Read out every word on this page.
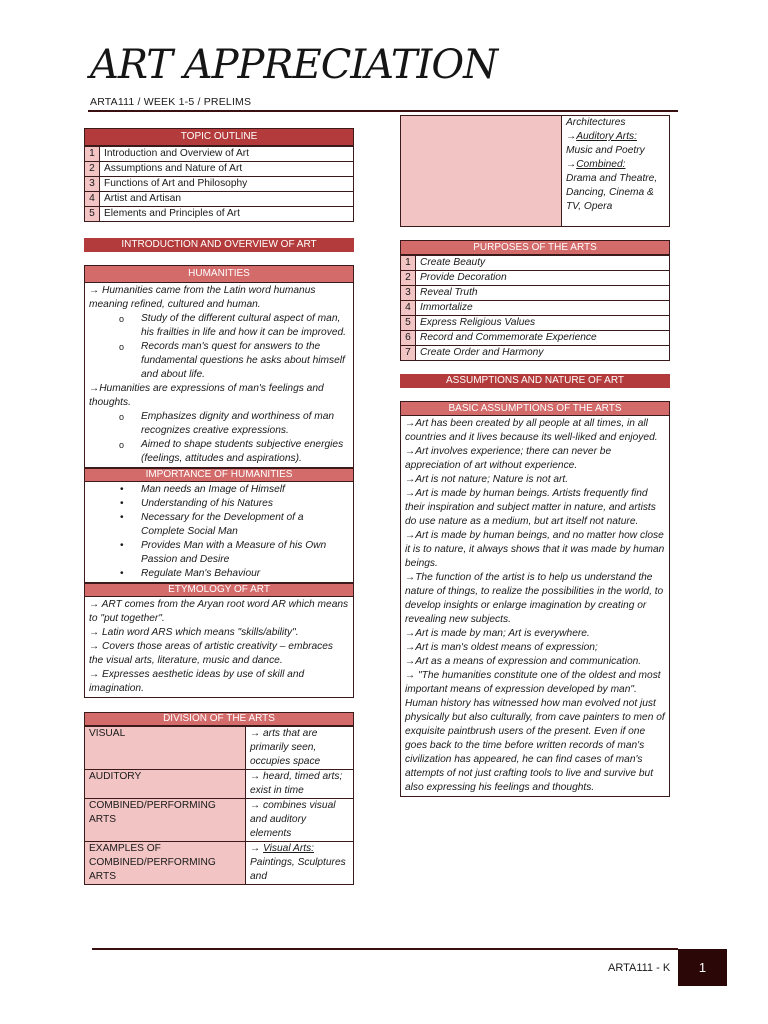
ART APPRECIATION
ARTA111 / WEEK 1-5 / PRELIMS
TOPIC OUTLINE
1	Introduction and Overview of Art
2	Assumptions and Nature of Art
3	Functions of Art and Philosophy
4	Artist and Artisan
5	Elements and Principles of Art
INTRODUCTION AND OVERVIEW OF ART
HUMANITIES

→ Humanities came from the Latin word humanus meaning refined, cultured and human.

o Study of the different cultural aspect of man, his frailties in life and how it can be improved.

o Records man's quest for answers to the fundamental questions he asks about himself and about life.

→Humanities are expressions of man's feelings and thoughts.

o Emphasizes dignity and worthiness of man recognizes creative expressions.

o Aimed to shape students subjective energies (feelings, attitudes and aspirations).

IMPORTANCE OF HUMANITIES

• Man needs an Image of Himself

• Understanding of his Natures

• Necessary for the Development of a Complete Social Man

• Provides Man with a Measure of his Own Passion and Desire

• Regulate Man's Behaviour

ETYMOLOGY OF ART

→ ART comes from the Aryan root word AR which means to "put together".

→ Latin word ARS which means "skills/ability".

→ Covers those areas of artistic creativity – embraces the visual arts, literature, music and dance.

→ Expresses aesthetic ideas by use of skill and imagination.

DIVISION OF THE ARTS
VISUAL	→ arts that are primarily seen, occupies space
AUDITORY	→ heard, timed arts; exist in time
COMBINED/PERFORMING ARTS	→ combines visual and auditory elements
EXAMPLES OF COMBINED/PERFORMING ARTS	→ Visual Arts: Paintings, Sculptures and

Architectures
→Auditory Arts:
Music and Poetry
→Combined:
Drama and Theatre, Dancing, Cinema & TV, Opera
PURPOSES OF THE ARTS
1	Create Beauty
2	Provide Decoration
3	Reveal Truth
4	Immortalize
5	Express Religious Values
6	Record and Commemorate Experience
7	Create Order and Harmony
ASSUMPTIONS AND NATURE OF ART
BASIC ASSUMPTIONS OF THE ARTS

→Art has been created by all people at all times, in all countries and it lives because its well-liked and enjoyed.

→Art involves experience; there can never be appreciation of art without experience.

→Art is not nature; Nature is not art.

→Art is made by human beings. Artists frequently find their inspiration and subject matter in nature, and artists do use nature as a medium, but art itself not nature.

→Art is made by human beings, and no matter how close it is to nature, it always shows that it was made by human beings.

→The function of the artist is to help us understand the nature of things, to realize the possibilities in the world, to develop insights or enlarge imagination by creating or revealing new subjects.

→Art is made by man; Art is everywhere.

→Art is man's oldest means of expression;

→Art as a means of expression and communication.

→ "The humanities constitute one of the oldest and most important means of expression developed by man". Human history has witnessed how man evolved not just physically but also culturally, from cave painters to men of exquisite paintbrush users of the present. Even if one goes back to the time before written records of man's civilization has appeared, he can find cases of man's attempts of not just crafting tools to live and survive but also expressing his feelings and thoughts.

ARTA111 - K	1
